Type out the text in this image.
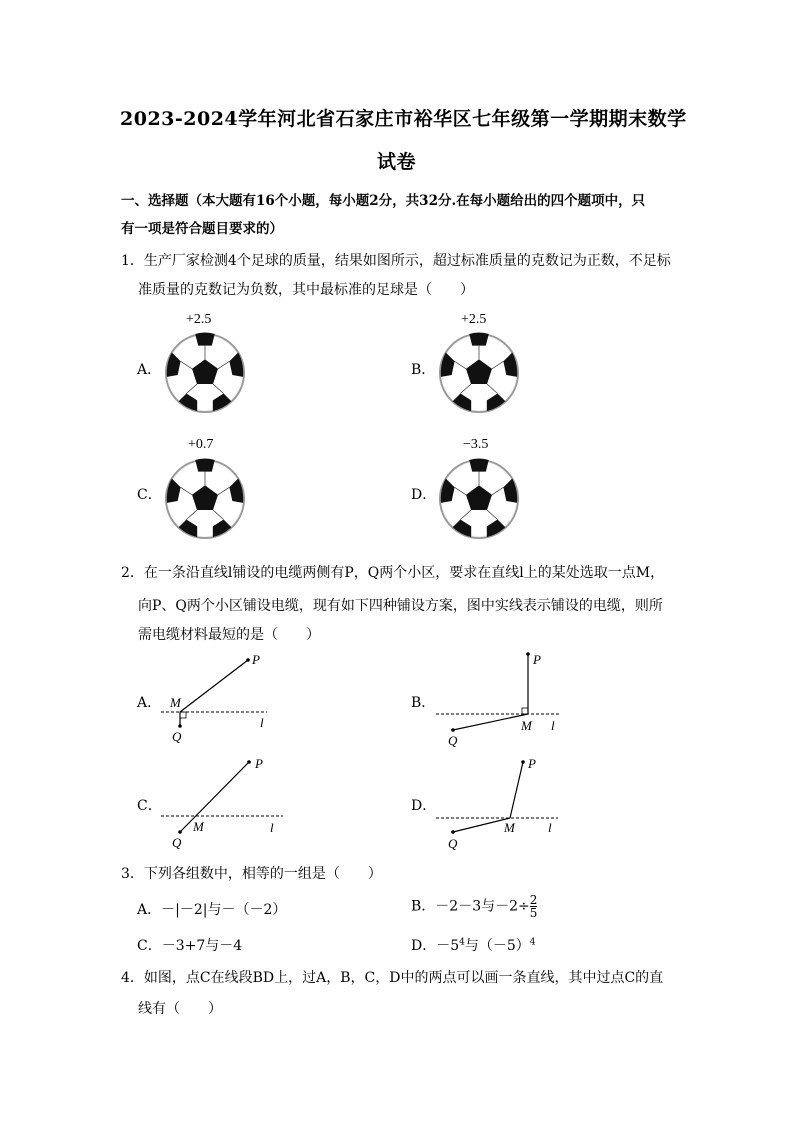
2023-2024学年河北省石家庄市裕华区七年级第一学期期末数学
试卷
一、选择题（本大题有16个小题，每小题2分，共32分.在每小题给出的四个题项中，只
有一项是符合题目要求的）
1．生产厂家检测4个足球的质量，结果如图所示，超过标准质量的克数记为正数，不足标
准质量的克数记为负数，其中最标准的足球是（　　）
A．
+2.5
B．
+2.5
C．
+0.7
D．
−3.5
2．在一条沿直线l铺设的电缆两侧有P，Q两个小区，要求在直线l上的某处选取一点M，
向P、Q两个小区铺设电缆，现有如下四种铺设方案，图中实线表示铺设的电缆，则所
需电缆材料最短的是（　　）
A．
P
M
Q
l
B．
P
M
Q
l
C．
P
M
Q
l
D．
P
M
Q
l
3．下列各组数中，相等的一组是（　　）
A．－|－2|与－（－2）	B．－2－3与$-2\div \frac{2}{5}$
C．－3+7与－4	D．$-5^4$与$(-5)^4$
4．如图，点C在线段BD上，过A，B，C，D中的两点可以画一条直线，其中过点C的直
线有（　　）
